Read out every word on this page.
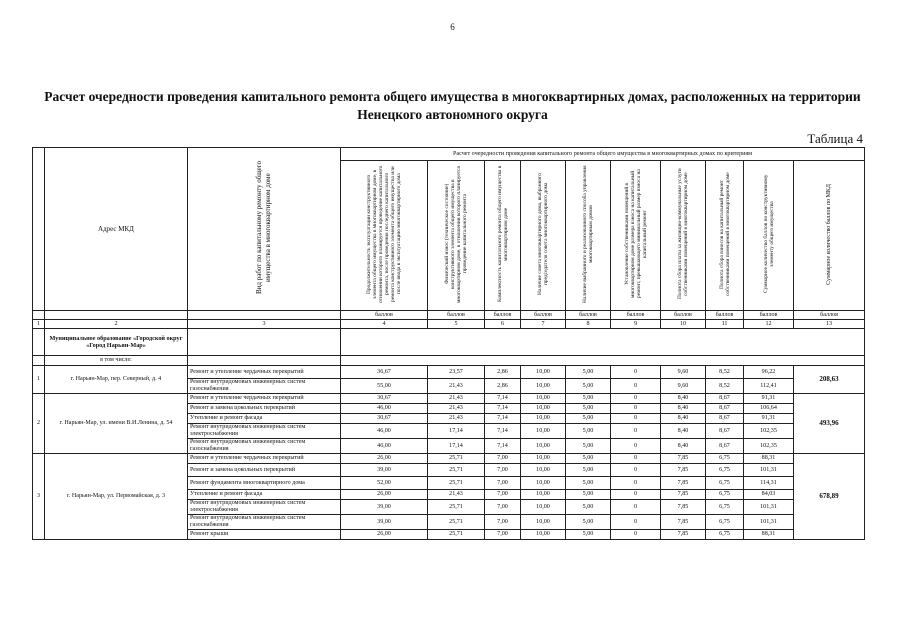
6
Расчет очередности проведения капитального ремонта общего имущества в многоквартирных домах, расположенных на территории
Ненецкого автономного округа
Таблица 4
	Адрес МКД	Вид работ по капитальному ремонту общего имущества в многоквартирном доме	Расчет очередности проведения капитального ремонта общего имущества в многоквартирных домах по критериям									
			Продолжительность эксплуатации конструктивного элемента общего имущества в многоквартирном доме, в отношении которого планируется проведение капитального ремонта, после проведения последнего капитального ремонта конструктивного элемента общего имущества или после ввода в эксплуатацию многоквартирного дома	Физический износ (техническое состояние) конструктивного элемента общего имущества в многоквартирном доме, в отношении которого планируется проведение капитального ремонта	Комплексность капитального ремонта общего имущества в многоквартирном доме	Наличие совета многоквартирного дома, выбранного председателя совета многоквартирного дома	Наличие выбранного и реализованного способа управления многоквартирным домом	Установление собственниками помещений в многоквартирном доме размера взноса на капитальный ремонт, превышающего минимальный размер взноса на капитальный ремонт	Полнота сбора платы за жилищно-коммунальные услуги собственниками помещений в многоквартирном доме	Полнота сбора взносов на капитальный ремонт собственниками помещений в многоквартирном доме	Суммарное количество баллов по конструктивному элементу общего имущества	Суммарное количество баллов по МКД
			баллов	баллов	баллов	баллов	баллов	баллов	баллов	баллов	баллов	баллов
1	2	3	4	5	6	7	8	9	10	11	12	13
	Муниципальное образование «Городской округ «Город Нарьян-Мар»											
	в том числе:											
1	г. Нарьян-Мар, пер. Северный, д. 4	Ремонт и утепление чердачных перекрытий	36,67	23,57	2,86	10,00	5,00	0	9,60	8,52	96,22	208,63
		Ремонт внутридомовых инженерных систем газоснабжения	55,00	21,43	2,86	10,00	5,00	0	9,60	8,52	112,41	
2	г. Нарьян-Мар, ул. имени В.И.Ленина, д. 54	Ремонт и утепление чердачных перекрытий	30,67	21,43	7,14	10,00	5,00	0	8,40	8,67	91,31	493,96
		Ремонт и замена цокольных перекрытий	46,00	21,43	7,14	10,00	5,00	0	8,40	8,67	106,64	
		Утепление и ремонт фасада	30,67	21,43	7,14	10,00	5,00	0	8,40	8,67	91,31	
		Ремонт внутридомовых инженерных систем электроснабжения	46,00	17,14	7,14	10,00	5,00	0	8,40	8,67	102,35	
		Ремонт внутридомовых инженерных систем газоснабжения	46,00	17,14	7,14	10,00	5,00	0	8,40	8,67	102,35	
3	г. Нарьян-Мар, ул. Первомайская, д. 3	Ремонт и утепление чердачных перекрытий	26,00	25,71	7,00	10,00	5,00	0	7,85	6,75	88,31	678,89
		Ремонт и замена цокольных перекрытий	39,00	25,71	7,00	10,00	5,00	0	7,85	6,75	101,31	
		Ремонт фундамента многоквартирного дома	52,00	25,71	7,00	10,00	5,00	0	7,85	6,75	114,31	
		Утепление и ремонт фасада	26,00	21,43	7,00	10,00	5,00	0	7,85	6,75	84,03	
		Ремонт внутридомовых инженерных систем электроснабжения	39,00	25,71	7,00	10,00	5,00	0	7,85	6,75	101,31	
		Ремонт внутридомовых инженерных систем газоснабжения	39,00	25,71	7,00	10,00	5,00	0	7,85	6,75	101,31	
		Ремонт крыши	26,00	25,71	7,00	10,00	5,00	0	7,85	6,75	88,31	
